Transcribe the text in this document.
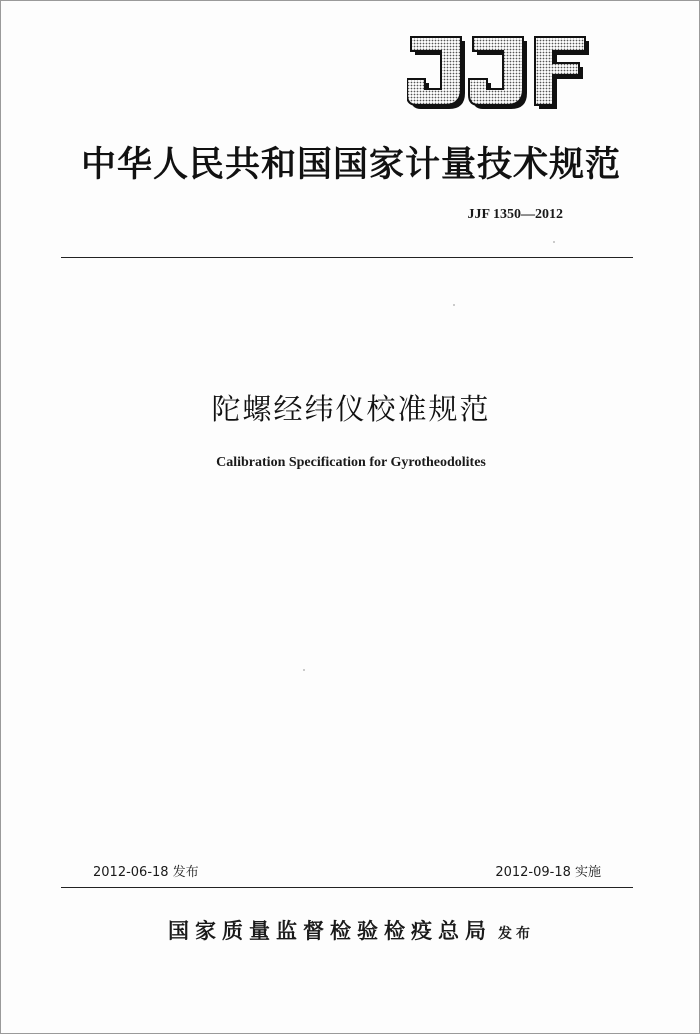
中华人民共和国国家计量技术规范
JJF 1350—2012
陀螺经纬仪校准规范
Calibration Specification for Gyrotheodolites
2012-06-18 发布	2012-09-18 实施
国家质量监督检验检疫总局 发布
